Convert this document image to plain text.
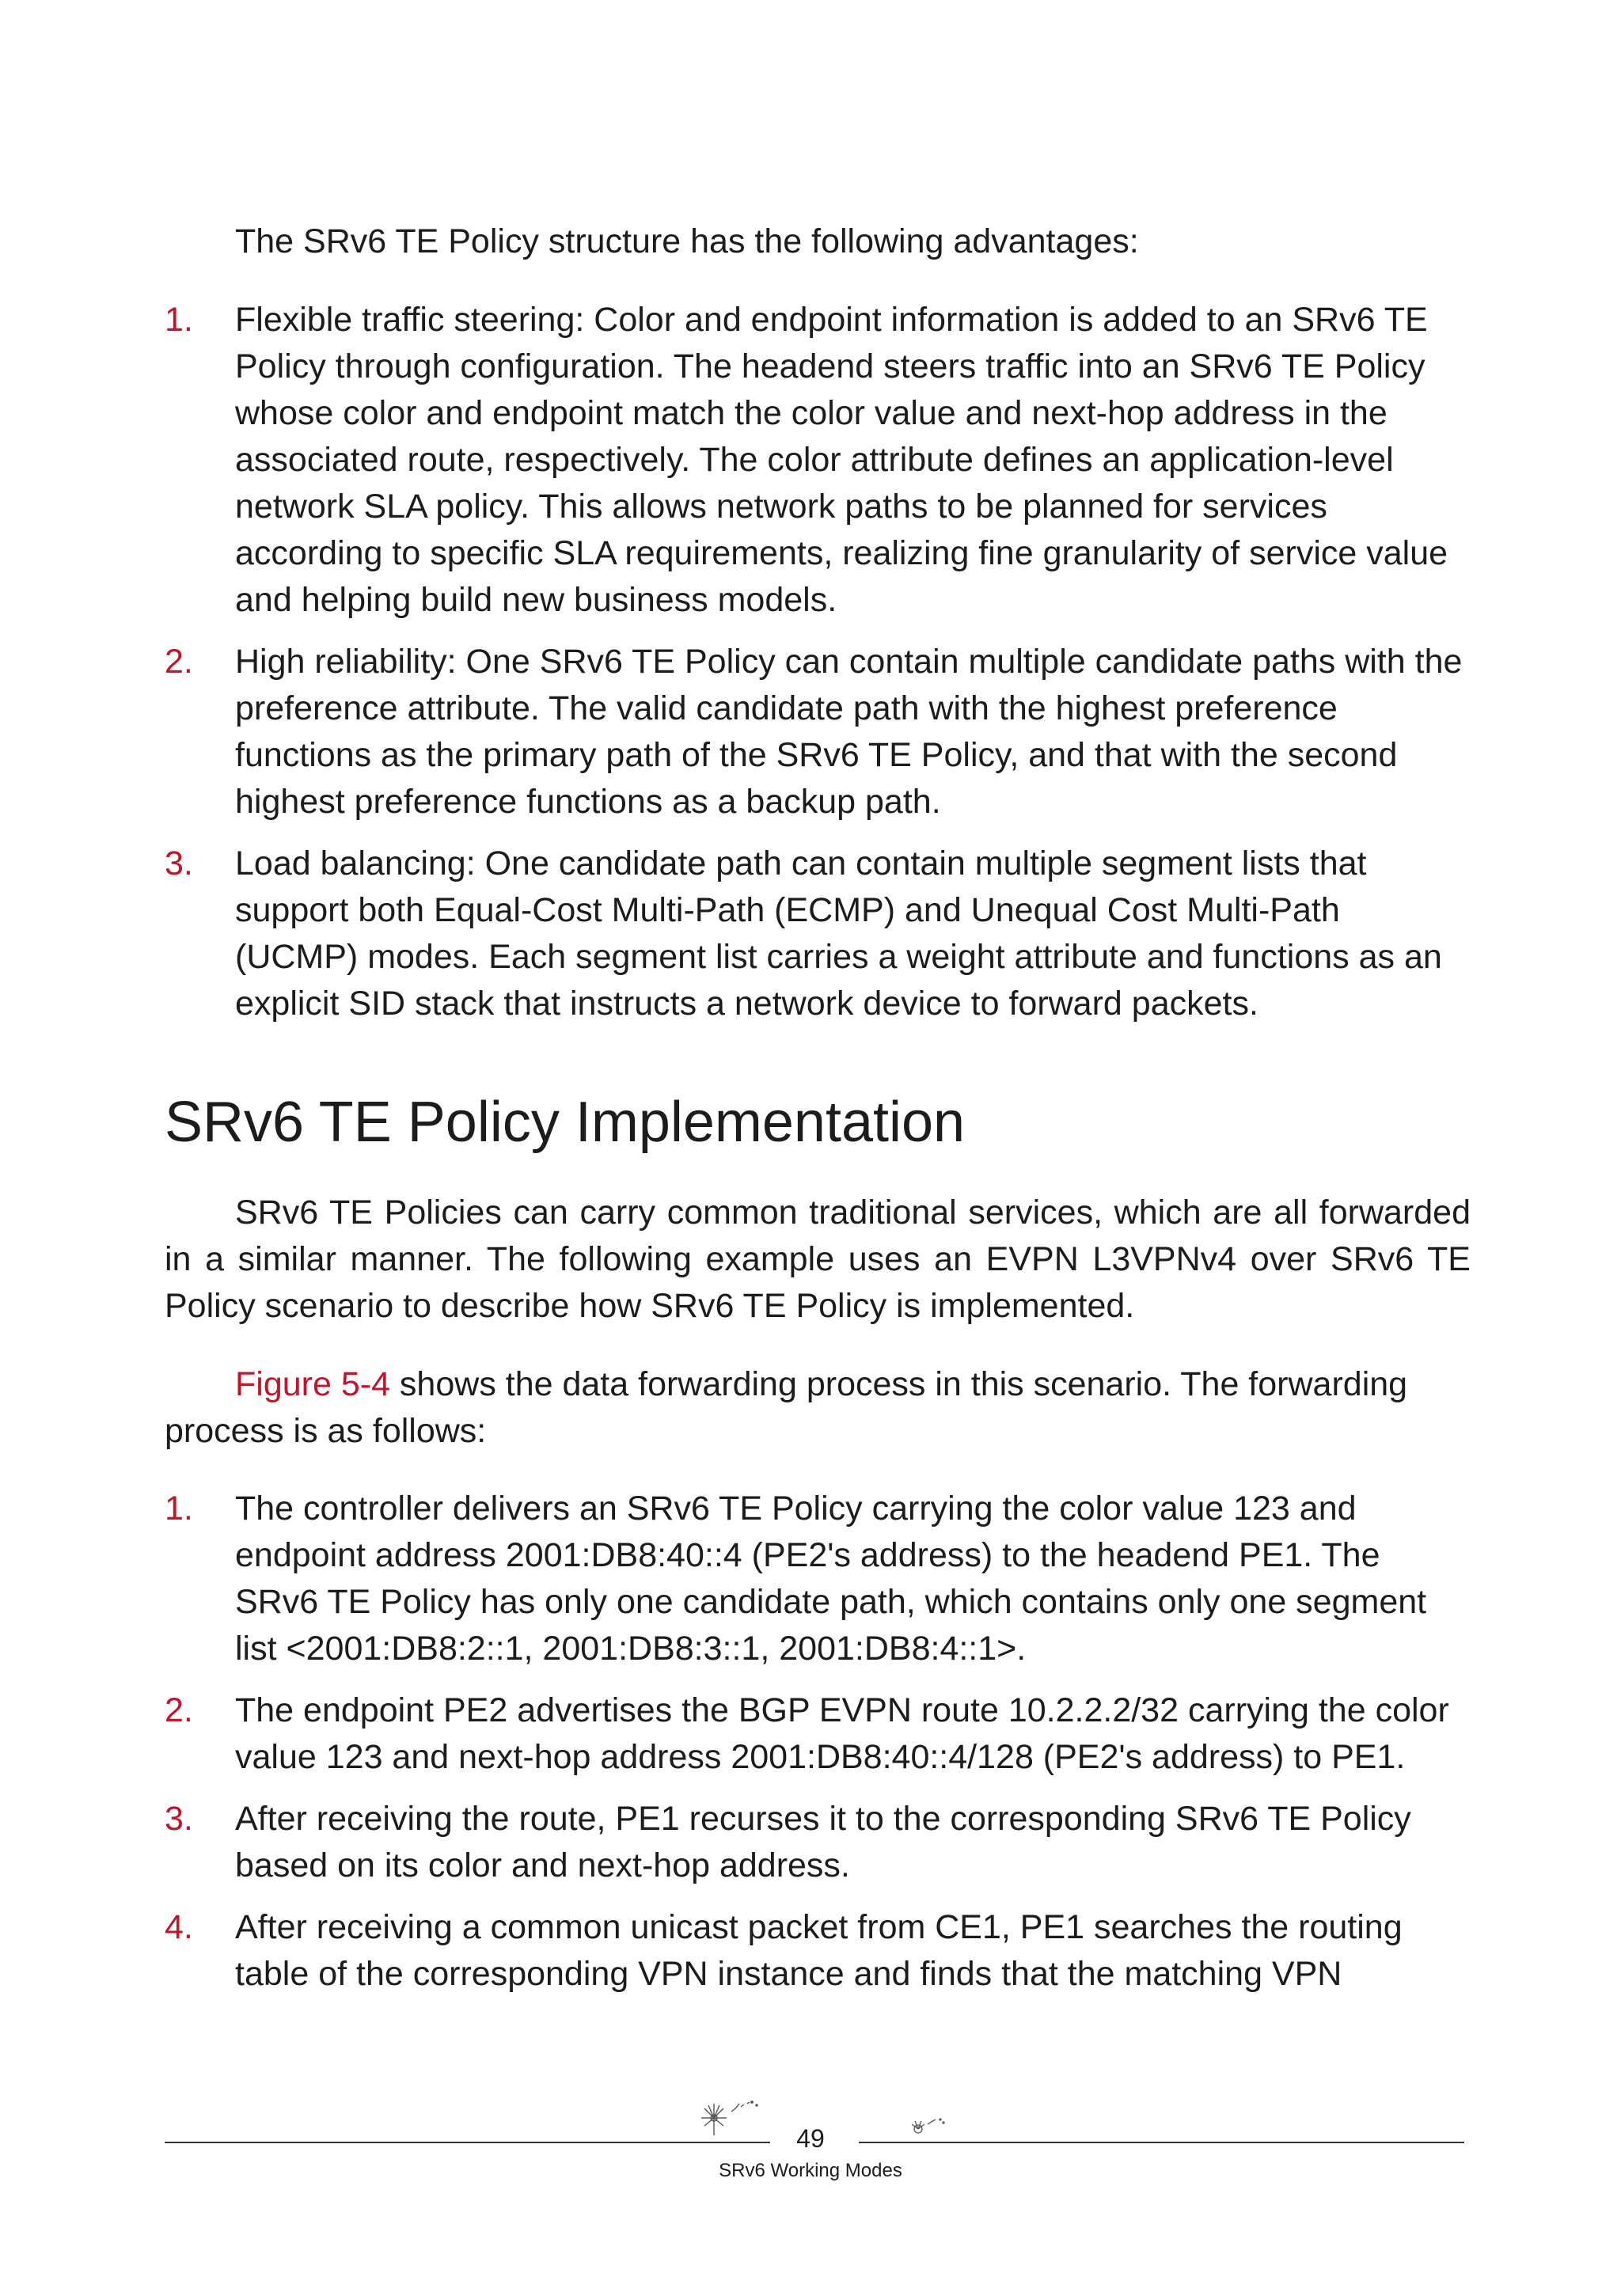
The SRv6 TE Policy structure has the following advantages:

1. Flexible traffic steering: Color and endpoint information is added to an SRv6 TE Policy through configuration. The headend steers traffic into an SRv6 TE Policy whose color and endpoint match the color value and next-hop address in the associated route, respectively. The color attribute defines an application-level network SLA policy. This allows network paths to be planned for services according to specific SLA requirements, realizing fine granularity of service value and helping build new business models.
2. High reliability: One SRv6 TE Policy can contain multiple candidate paths with the preference attribute. The valid candidate path with the highest preference functions as the primary path of the SRv6 TE Policy, and that with the second highest preference functions as a backup path.
3. Load balancing: One candidate path can contain multiple segment lists that support both Equal-Cost Multi-Path (ECMP) and Unequal Cost Multi-Path (UCMP) modes. Each segment list carries a weight attribute and functions as an explicit SID stack that instructs a network device to forward packets.
SRv6 TE Policy Implementation

SRv6 TE Policies can carry common traditional services, which are all forwarded in a similar manner. The following example uses an EVPN L3VPNv4 over SRv6 TE Policy scenario to describe how SRv6 TE Policy is implemented.

Figure 5-4 shows the data forwarding process in this scenario. The forwarding process is as follows:

1. The controller delivers an SRv6 TE Policy carrying the color value 123 and endpoint address 2001:DB8:40::4 (PE2's address) to the headend PE1. The SRv6 TE Policy has only one candidate path, which contains only one segment list <2001:DB8:2::1, 2001:DB8:3::1, 2001:DB8:4::1>.
2. The endpoint PE2 advertises the BGP EVPN route 10.2.2.2/32 carrying the color value 123 and next-hop address 2001:DB8:40::4/128 (PE2's address) to PE1.
3. After receiving the route, PE1 recurses it to the corresponding SRv6 TE Policy based on its color and next-hop address.
4. After receiving a common unicast packet from CE1, PE1 searches the routing table of the corresponding VPN instance and finds that the matching VPN
49
SRv6 Working Modes
